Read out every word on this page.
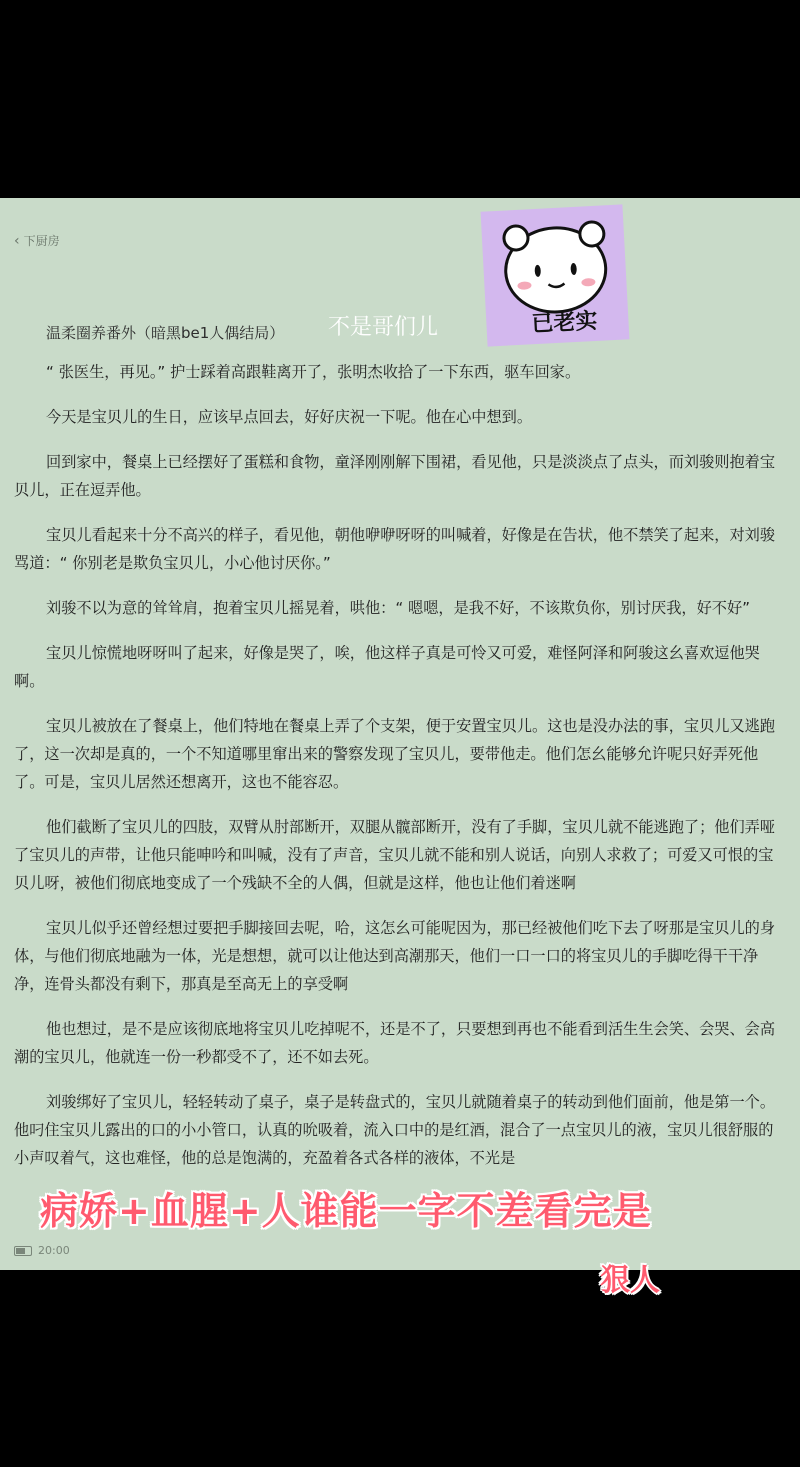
‹ 下厨房
已老实
温柔圈养番外（暗黑be1人偶结局） 不是哥们儿

“ 张医生，再见。” 护士踩着高跟鞋离开了，张明杰收拾了一下东西，驱车回家。

今天是宝贝儿的生日，应该早点回去，好好庆祝一下呢。他在心中想到。

回到家中，餐桌上已经摆好了蛋糕和食物，童泽刚刚解下围裙，看见他，只是淡淡点了点头，而刘骏则抱着宝贝儿，正在逗弄他。

宝贝儿看起来十分不高兴的样子，看见他，朝他咿咿呀呀的叫喊着，好像是在告状，他不禁笑了起来，对刘骏骂道：“ 你别老是欺负宝贝儿，小心他讨厌你。”

刘骏不以为意的耸耸肩，抱着宝贝儿摇晃着，哄他：“ 嗯嗯，是我不好，不该欺负你，别讨厌我，好不好”

宝贝儿惊慌地呀呀叫了起来，好像是哭了，唉，他这样子真是可怜又可爱，难怪阿泽和阿骏这幺喜欢逗他哭啊。

宝贝儿被放在了餐桌上，他们特地在餐桌上弄了个支架，便于安置宝贝儿。这也是没办法的事，宝贝儿又逃跑了，这一次却是真的，一个不知道哪里窜出来的警察发现了宝贝儿，要带他走。他们怎幺能够允许呢只好弄死他了。可是，宝贝儿居然还想离开，这也不能容忍。

他们截断了宝贝儿的四肢，双臂从肘部断开，双腿从髋部断开，没有了手脚，宝贝儿就不能逃跑了；他们弄哑了宝贝儿的声带，让他只能呻吟和叫喊，没有了声音，宝贝儿就不能和别人说话，向别人求救了；可爱又可恨的宝贝儿呀，被他们彻底地变成了一个残缺不全的人偶，但就是这样，他也让他们着迷啊

宝贝儿似乎还曾经想过要把手脚接回去呢，哈，这怎幺可能呢因为，那已经被他们吃下去了呀那是宝贝儿的身体，与他们彻底地融为一体，光是想想，就可以让他达到高潮那天，他们一口一口的将宝贝儿的手脚吃得干干净净，连骨头都没有剩下，那真是至高无上的享受啊

他也想过，是不是应该彻底地将宝贝儿吃掉呢不，还是不了，只要想到再也不能看到活生生会笑、会哭、会高潮的宝贝儿，他就连一份一秒都受不了，还不如去死。

刘骏绑好了宝贝儿，轻轻转动了桌子，桌子是转盘式的，宝贝儿就随着桌子的转动到他们面前，他是第一个。他叼住宝贝儿露出的口的小小管口，认真的吮吸着，流入口中的是红酒，混合了一点宝贝儿的液，宝贝儿很舒服的小声叹着气，这也难怪，他的总是饱满的，充盈着各式各样的液体，不光是

20:00
病娇+血腥+人谁能一字不差看完是
狠人
